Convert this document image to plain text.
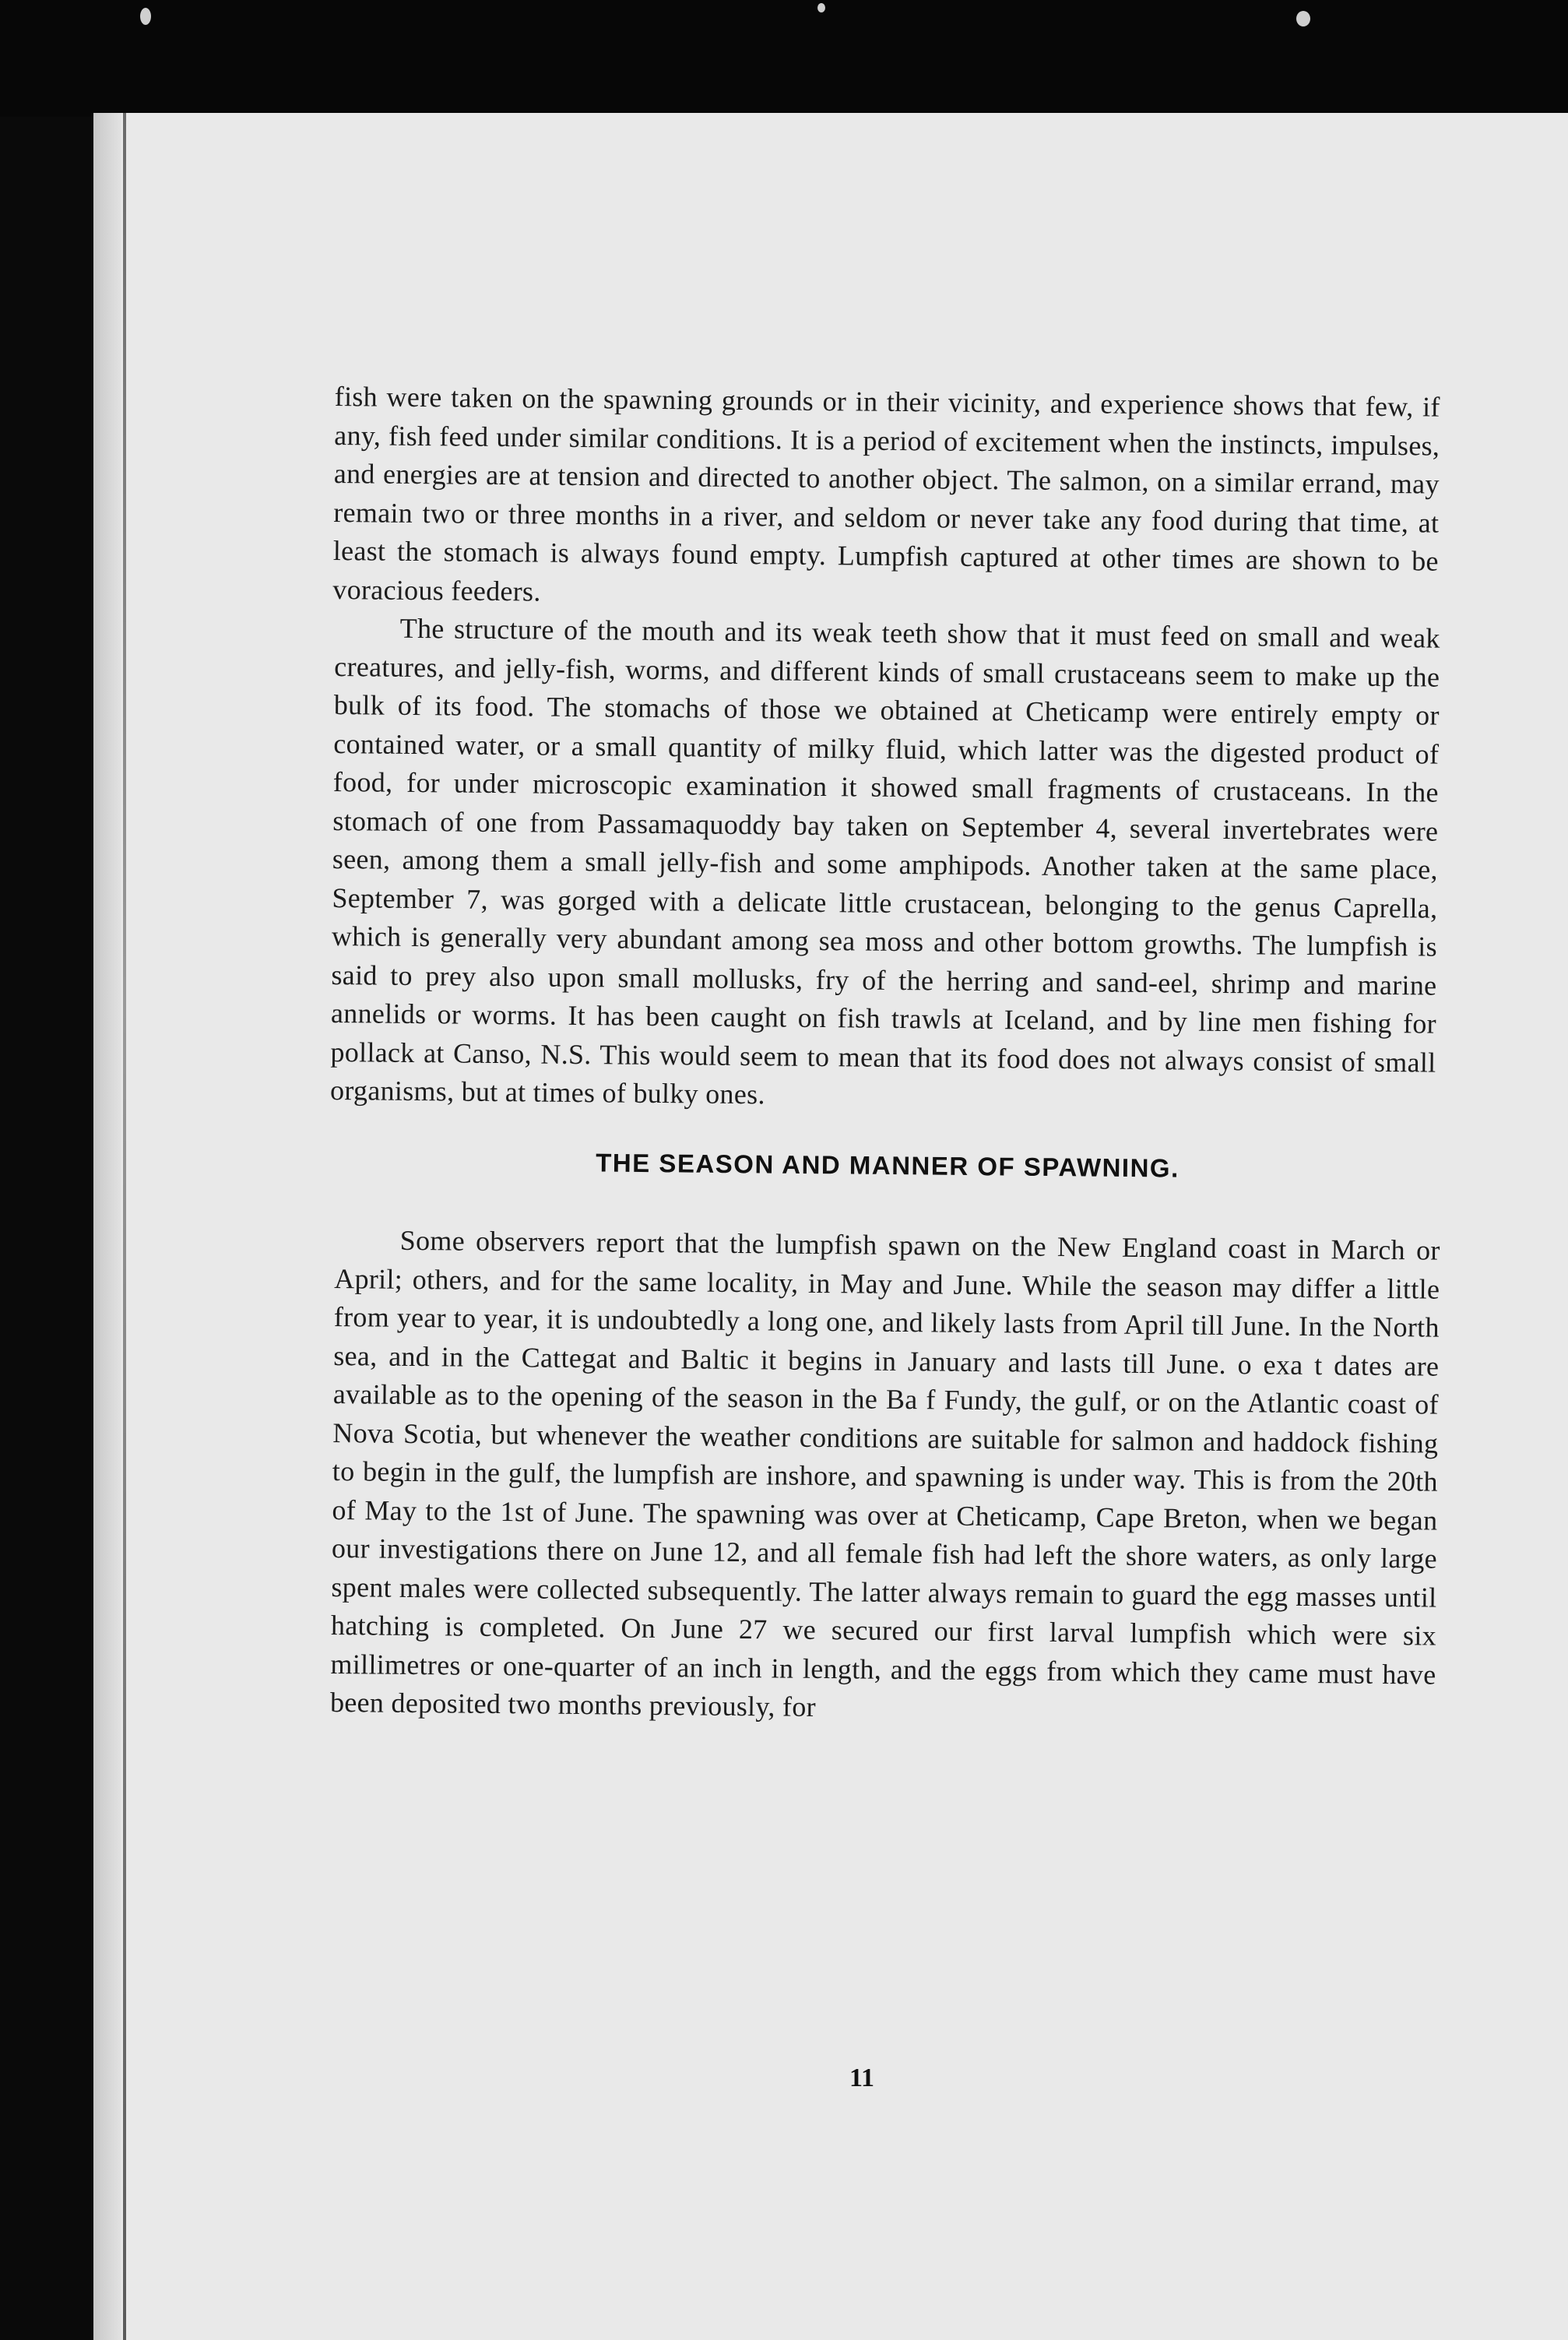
fish were taken on the spawning grounds or in their vicinity, and experience shows that few, if any, fish feed under similar conditions. It is a period of excitement when the instincts, impulses, and energies are at tension and directed to another object. The salmon, on a similar errand, may remain two or three months in a river, and seldom or never take any food during that time, at least the stomach is always found empty. Lumpfish captured at other times are shown to be voracious feeders.

The structure of the mouth and its weak teeth show that it must feed on small and weak creatures, and jelly-fish, worms, and different kinds of small crustaceans seem to make up the bulk of its food. The stomachs of those we obtained at Cheticamp were entirely empty or contained water, or a small quantity of milky fluid, which latter was the digested product of food, for under microscopic examination it showed small fragments of crustaceans. In the stomach of one from Passamaquoddy bay taken on September 4, several invertebrates were seen, among them a small jelly-fish and some amphipods. Another taken at the same place, September 7, was gorged with a delicate little crustacean, belonging to the genus Caprella, which is generally very abundant among sea moss and other bottom growths. The lumpfish is said to prey also upon small mollusks, fry of the herring and sand-eel, shrimp and marine annelids or worms. It has been caught on fish trawls at Iceland, and by line men fishing for pollack at Canso, N.S. This would seem to mean that its food does not always consist of small organisms, but at times of bulky ones.

THE SEASON AND MANNER OF SPAWNING.

Some observers report that the lumpfish spawn on the New England coast in March or April; others, and for the same locality, in May and June. While the season may differ a little from year to year, it is undoubtedly a long one, and likely lasts from April till June. In the North sea, and in the Cattegat and Baltic it begins in January and lasts till June. o exa t dates are available as to the opening of the season in the Ba f Fundy, the gulf, or on the Atlantic coast of Nova Scotia, but whenever the weather conditions are suitable for salmon and haddock fishing to begin in the gulf, the lumpfish are inshore, and spawning is under way. This is from the 20th of May to the 1st of June. The spawning was over at Cheticamp, Cape Breton, when we began our investigations there on June 12, and all female fish had left the shore waters, as only large spent males were collected subsequently. The latter always remain to guard the egg masses until hatching is completed. On June 27 we secured our first larval lumpfish which were six millimetres or one-quarter of an inch in length, and the eggs from which they came must have been deposited two months previously, for

11
